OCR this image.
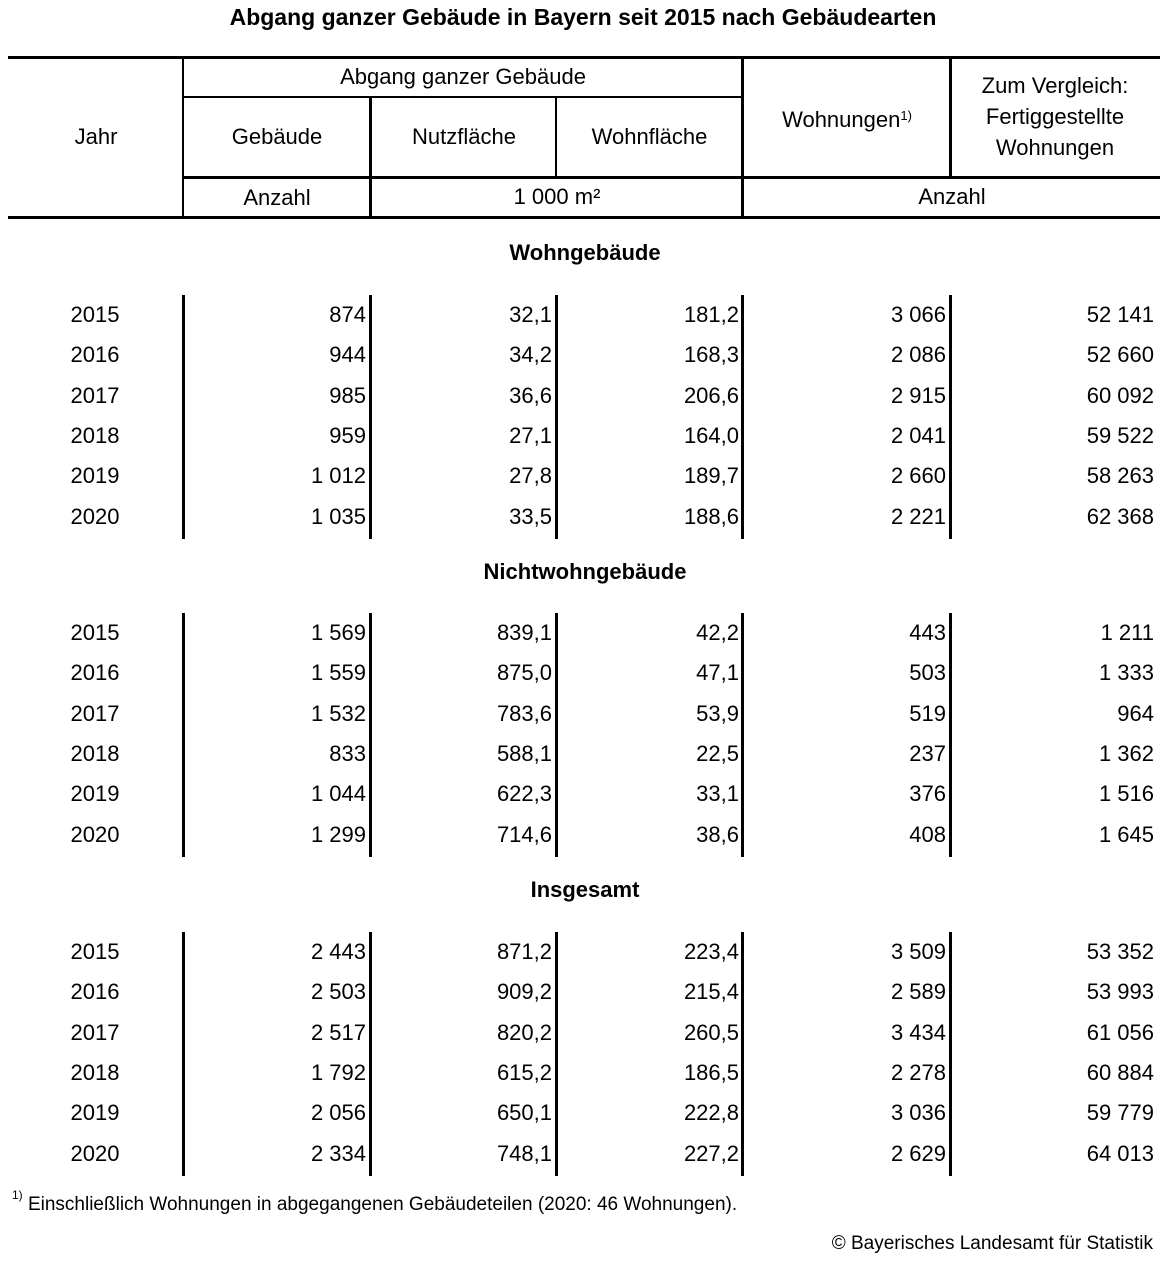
Abgang ganzer Gebäude in Bayern seit 2015 nach Gebäudearten
Jahr
Abgang ganzer Gebäude
Gebäude	Nutzfläche	Wohnfläche
Wohnungen$^{1)}$
Zum Vergleich:
Fertiggestellte
Wohnungen
Anzahl	1 000 m²	Anzahl
Wohngebäude
2015	874	32,1	181,2	3 066	52 141
2016	944	34,2	168,3	2 086	52 660
2017	985	36,6	206,6	2 915	60 092
2018	959	27,1	164,0	2 041	59 522
2019	1 012	27,8	189,7	2 660	58 263
2020	1 035	33,5	188,6	2 221	62 368
Nichtwohngebäude
2015	1 569	839,1	42,2	443	1 211
2016	1 559	875,0	47,1	503	1 333
2017	1 532	783,6	53,9	519	964
2018	833	588,1	22,5	237	1 362
2019	1 044	622,3	33,1	376	1 516
2020	1 299	714,6	38,6	408	1 645
Insgesamt
2015	2 443	871,2	223,4	3 509	53 352
2016	2 503	909,2	215,4	2 589	53 993
2017	2 517	820,2	260,5	3 434	61 056
2018	1 792	615,2	186,5	2 278	60 884
2019	2 056	650,1	222,8	3 036	59 779
2020	2 334	748,1	227,2	2 629	64 013
$^{1)}$ Einschließlich Wohnungen in abgegangenen Gebäudeteilen (2020: 46 Wohnungen).
© Bayerisches Landesamt für Statistik
